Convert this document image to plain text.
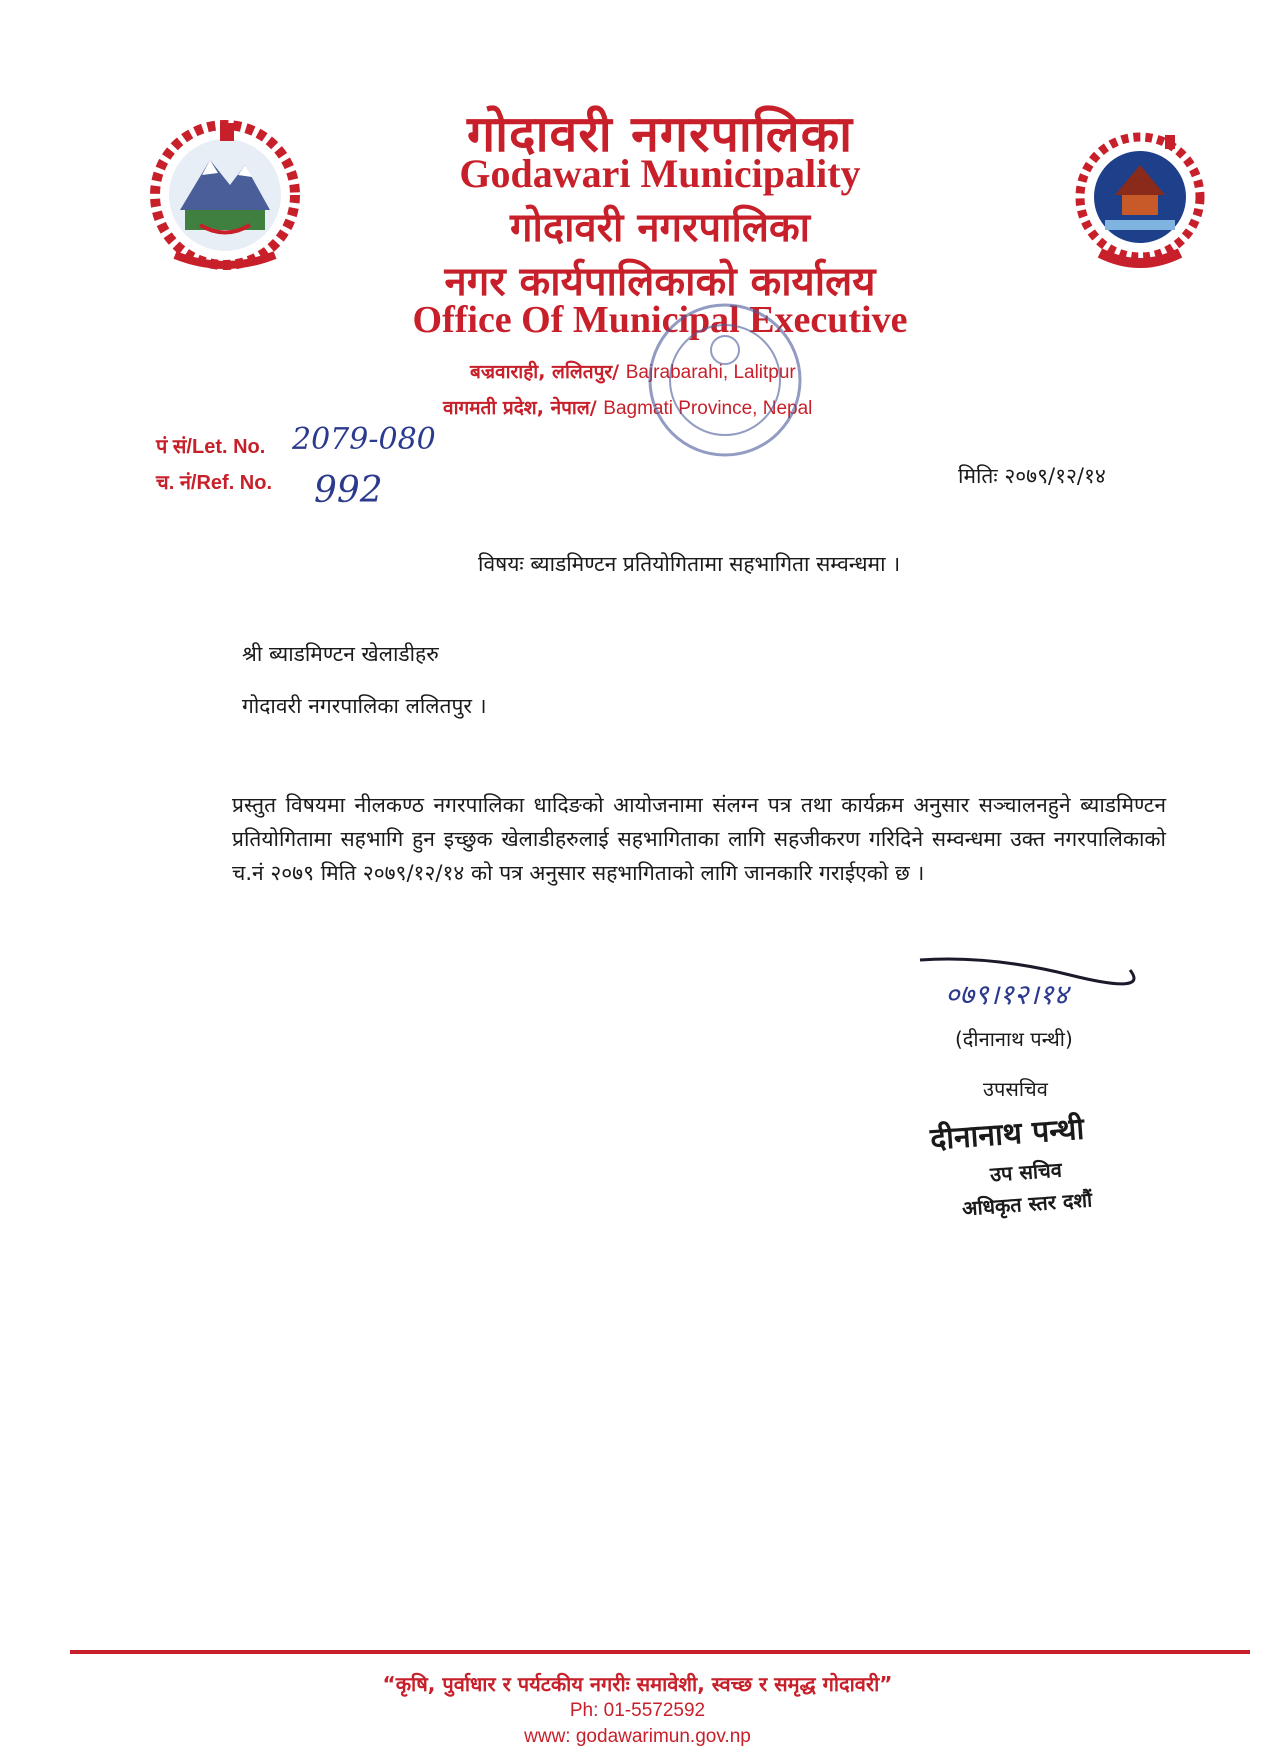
गोदावरी नगरपालिका
Godawari Municipality
गोदावरी नगरपालिका
नगर कार्यपालिकाको कार्यालय
Office Of Municipal Executive
बज्रवाराही, ललितपुर/ Bajrabarahi, Lalitpur
वागमती प्रदेश, नेपाल/ Bagmati Province, Nepal
पं सं/Let. No. 2079-080
च. नं/Ref. No. 992	मितिः २०७९/१२/१४
विषयः ब्याडमिण्टन प्रतियोगितामा सहभागिता सम्वन्धमा ।
श्री ब्याडमिण्टन खेलाडीहरु
गोदावरी नगरपालिका ललितपुर ।
प्रस्तुत विषयमा नीलकण्ठ नगरपालिका धादिङको आयोजनामा संलग्न पत्र तथा कार्यक्रम अनुसार सञ्चालनहुने ब्याडमिण्टन प्रतियोगितामा सहभागि हुन इच्छुक खेलाडीहरुलाई सहभागिताका लागि सहजीकरण गरिदिने सम्वन्धमा उक्त नगरपालिकाको च.नं २०७९ मिति २०७९/१२/१४ को पत्र अनुसार सहभागिताको लागि जानकारि गराईएको छ ।
०७९।१२।१४
(दीनानाथ पन्थी)
उपसचिव
दीनानाथ पन्थी
उप सचिव
अधिकृत स्तर दशौं
“कृषि, पुर्वाधार र पर्यटकीय नगरीः समावेशी, स्वच्छ र समृद्ध गोदावरी”
Ph: 01-5572592
www: godawarimun.gov.np
